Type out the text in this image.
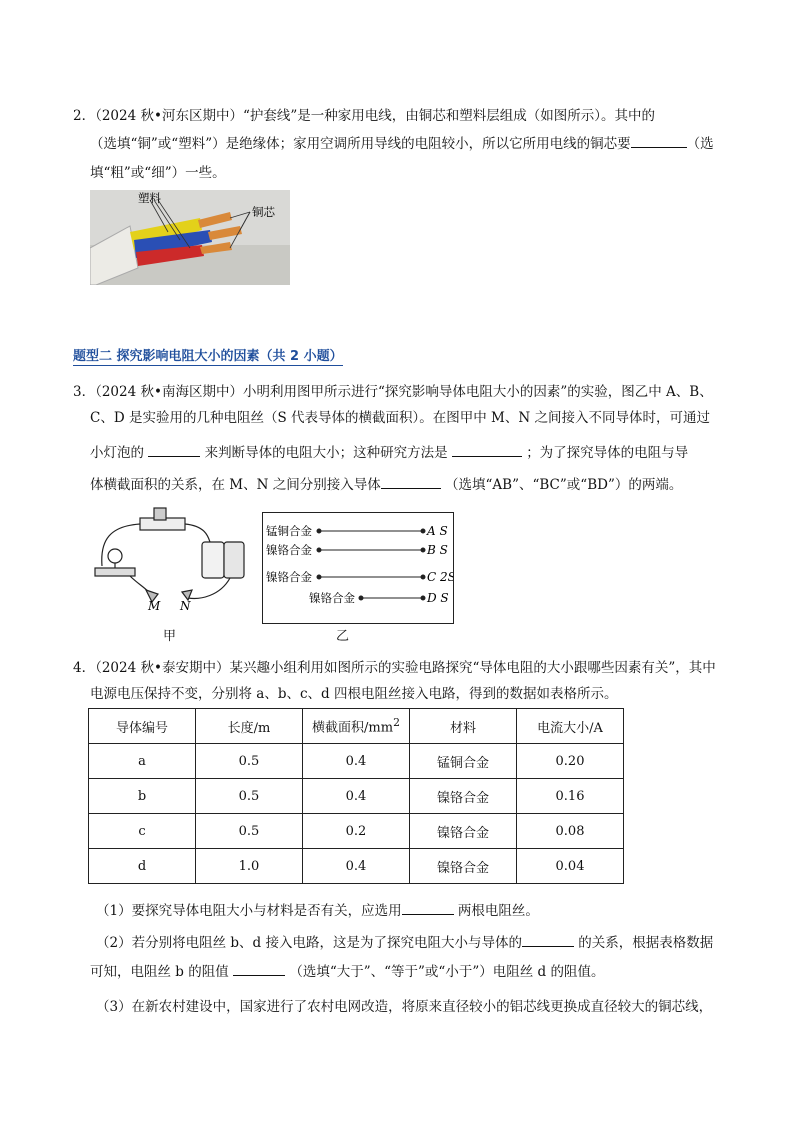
2．（2024 秋•河东区期中）“护套线”是一种家用电线，由铜芯和塑料层组成（如图所示）。其中的
（选填“铜”或“塑料”）是绝缘体；家用空调所用导线的电阻较小，所以它所用电线的铜芯要	（选
填“粗”或“细”）一些。
塑料
铜芯
题型二 探究影响电阻大小的因素（共 2 小题）
3．（2024 秋•南海区期中）小明利用图甲所示进行“探究影响导体电阻大小的因素”的实验，图乙中 A、B、
C、D 是实验用的几种电阻丝（S 代表导体的横截面积）。在图甲中 M、N 之间接入不同导体时，可通过
小灯泡的	来判断导体的电阻大小；这种研究方法是	；为了探究导体的电阻与导
体横截面积的关系，在 M、N 之间分别接入导体	（选填“AB”、“BC”或“BD”）的两端。
M N
甲
锰铜合金	A S
镍铬合金	B S
镍铬合金	C 2S
镍铬合金	D S
乙
4．（2024 秋•泰安期中）某兴趣小组利用如图所示的实验电路探究“导体电阻的大小跟哪些因素有关”，其中
电源电压保持不变，分别将 a、b、c、d 四根电阻丝接入电路，得到的数据如表格所示。
导体编号	长度/m	横截面积$/mm^2$	材料	电流大小/A
a	0.5	0.4	锰铜合金	0.20
b	0.5	0.4	镍铬合金	0.16
c	0.5	0.2	镍铬合金	0.08
d	1.0	0.4	镍铬合金	0.04
（1）要探究导体电阻大小与材料是否有关，应选用	两根电阻丝。
（2）若分别将电阻丝 b、d 接入电路，这是为了探究电阻大小与导体的	的关系，根据表格数据
可知，电阻丝 b 的阻值	（选填“大于”、“等于”或“小于”）电阻丝 d 的阻值。
（3）在新农村建设中，国家进行了农村电网改造，将原来直径较小的铝芯线更换成直径较大的铜芯线，
